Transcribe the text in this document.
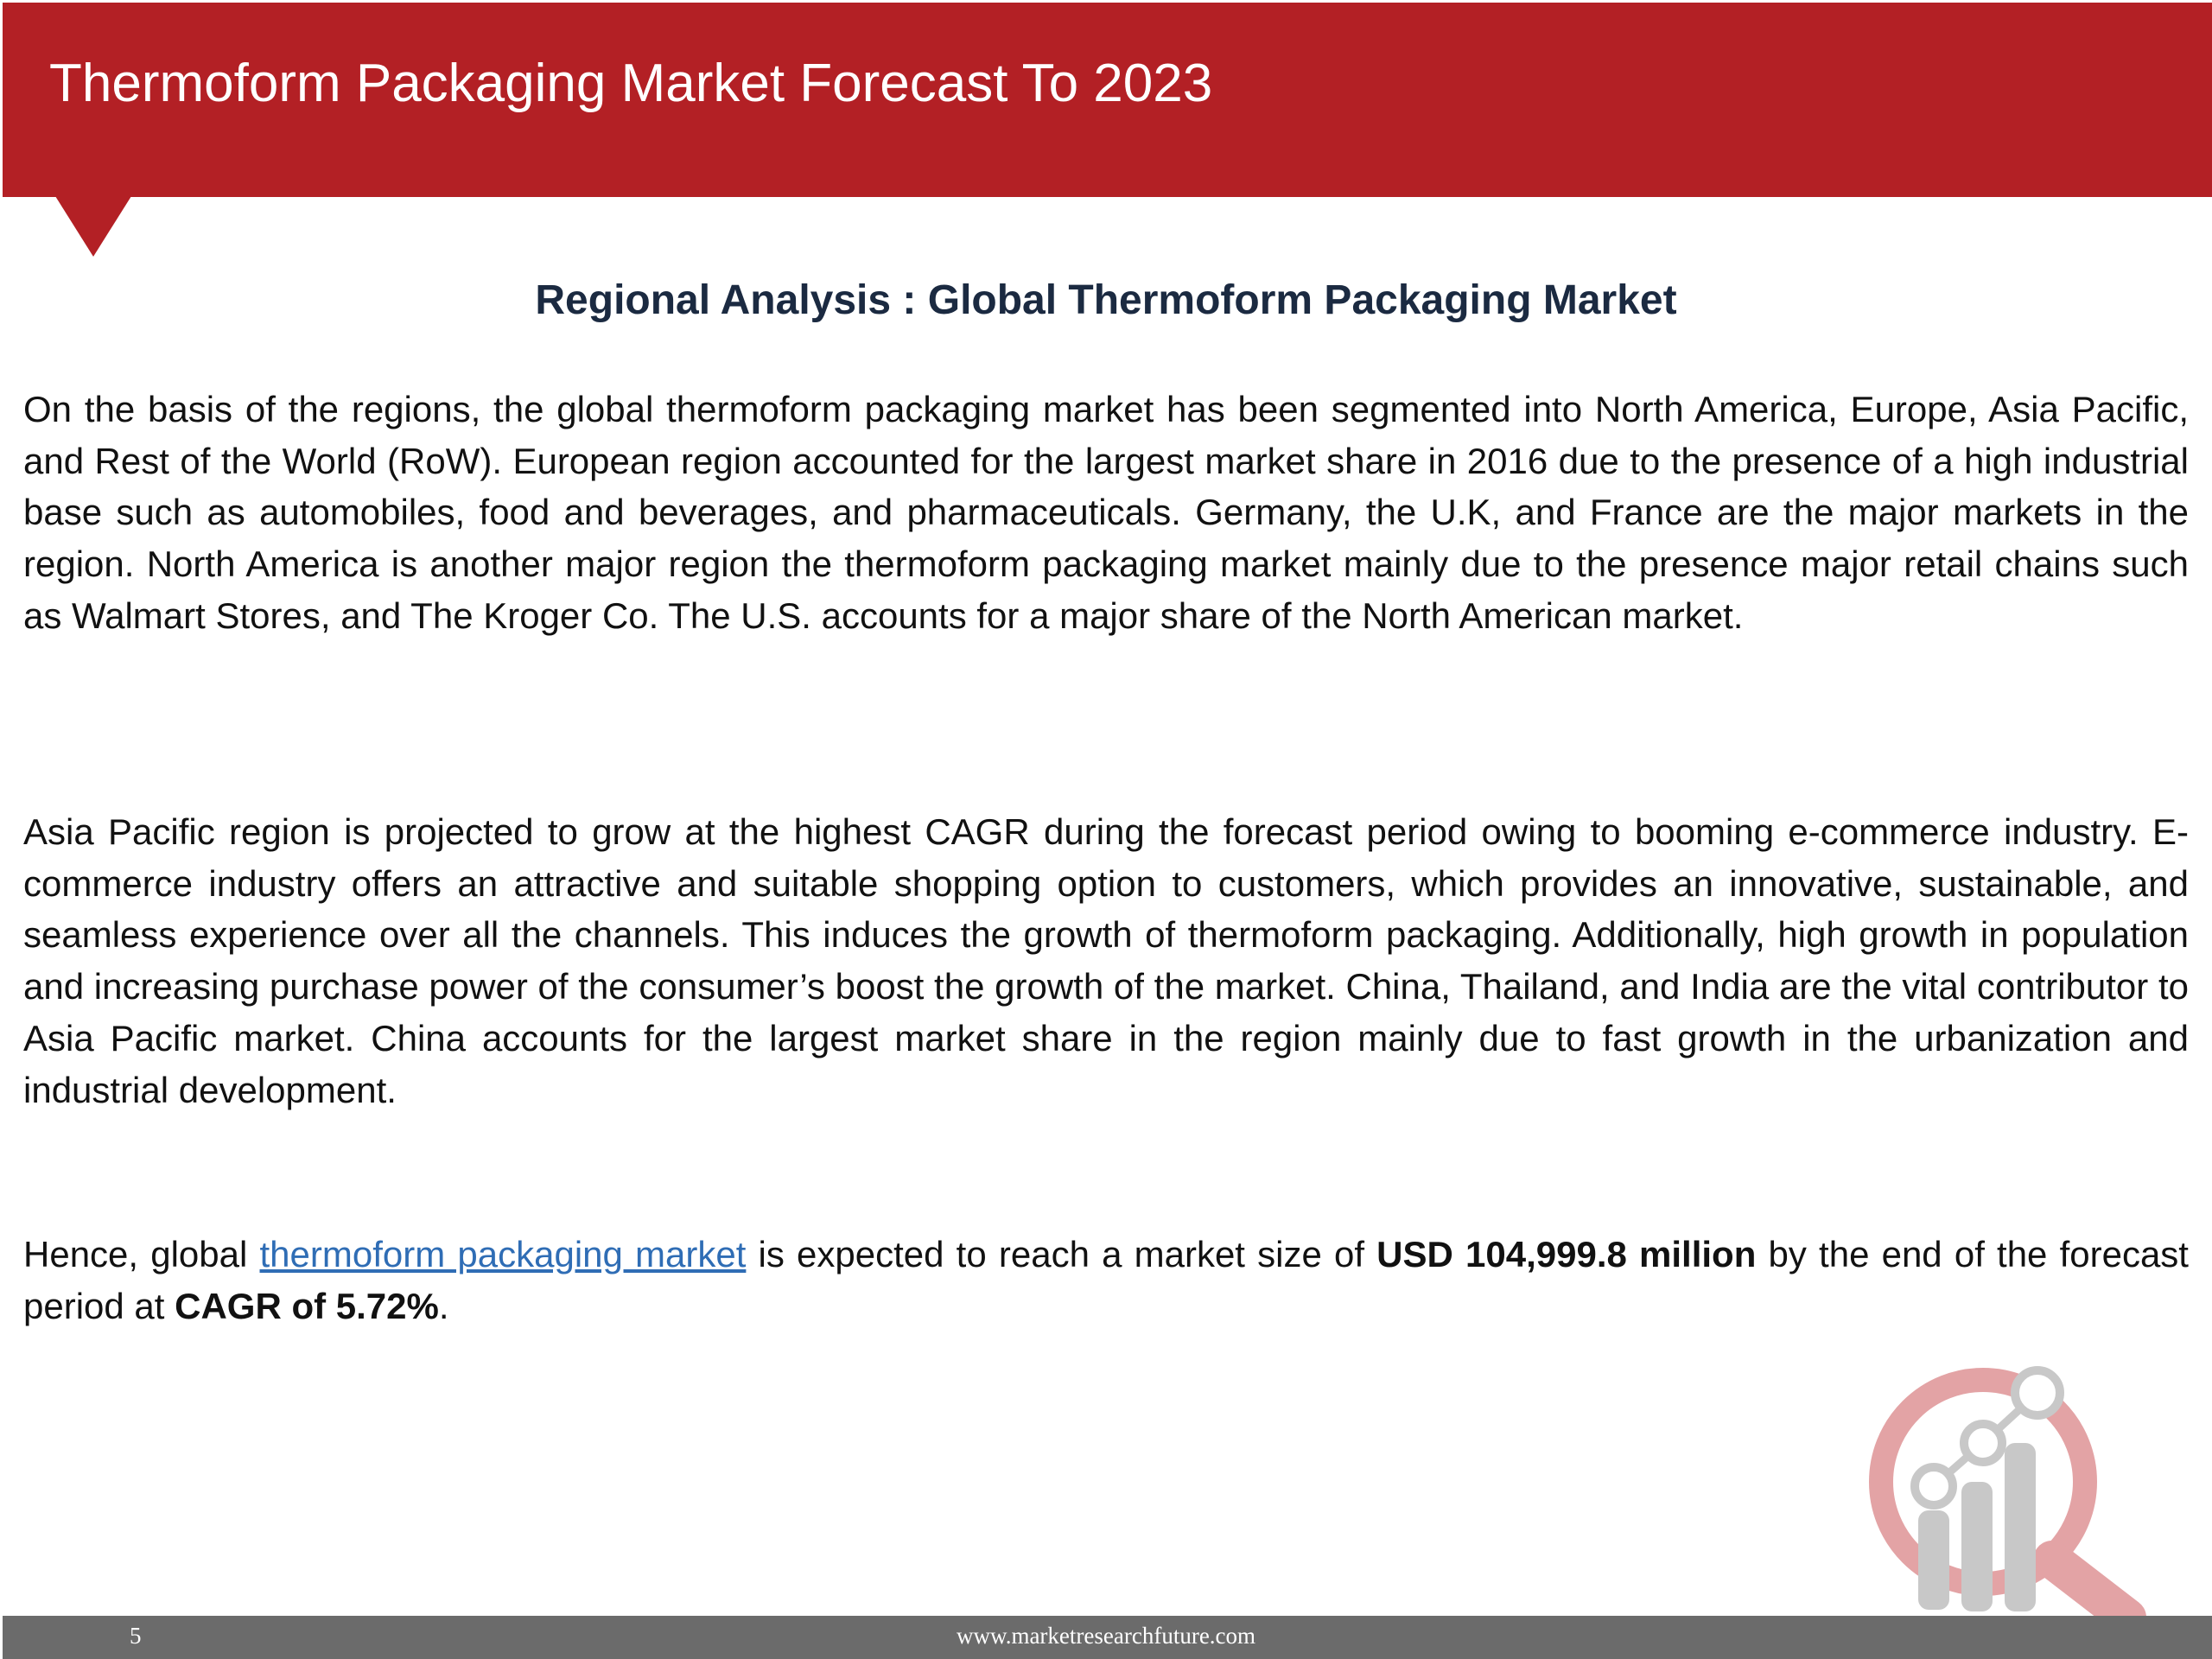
Thermoform Packaging Market Forecast To 2023
Regional Analysis : Global Thermoform Packaging Market

On the basis of the regions, the global thermoform packaging market has been segmented into North America, Europe, Asia Pacific, and Rest of the World (RoW). European region accounted for the largest market share in 2016 due to the presence of a high industrial base such as automobiles, food and beverages, and pharmaceuticals. Germany, the U.K, and France are the major markets in the region. North America is another major region the thermoform packaging market mainly due to the presence major retail chains such as Walmart Stores, and The Kroger Co. The U.S. accounts for a major share of the North American market.

Asia Pacific region is projected to grow at the highest CAGR during the forecast period owing to booming e-commerce industry. E-commerce industry offers an attractive and suitable shopping option to customers, which provides an innovative, sustainable, and seamless experience over all the channels. This induces the growth of thermoform packaging. Additionally, high growth in population and increasing purchase power of the consumer’s boost the growth of the market. China, Thailand, and India are the vital contributor to Asia Pacific market. China accounts for the largest market share in the region mainly due to fast growth in the urbanization and industrial development.

Hence, global thermoform packaging market is expected to reach a market size of USD 104,999.8 million by the end of the forecast period at CAGR of 5.72%.

5	www.marketresearchfuture.com
